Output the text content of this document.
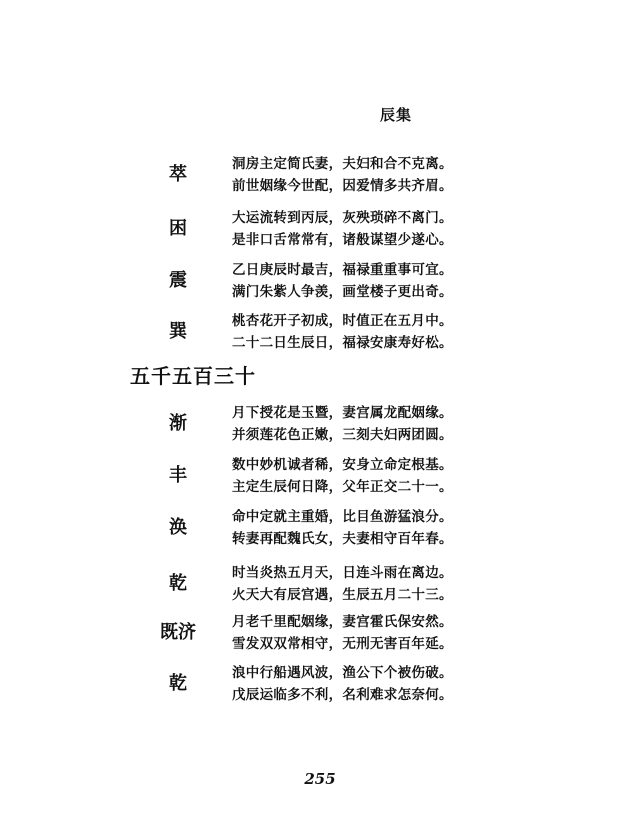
辰集
萃	洞房主定简氏妻，夫妇和合不克离。
前世姻缘今世配，因爱情多共齐眉。
困	大运流转到丙辰，灰殃琐碎不离门。
是非口舌常常有，诸般谋望少遂心。
震	乙日庚辰时最吉，福禄重重事可宜。
满门朱紫人争羡，画堂楼子更出奇。
巽	桃杏花开子初成，时值正在五月中。
二十二日生辰日，福禄安康寿好松。
五千五百三十
渐	月下授花是玉暨，妻宫属龙配姻缘。
并须莲花色正嫩，三刻夫妇两团圆。
丰	数中妙机诚者稀，安身立命定根基。
主定生辰何日降，父年正交二十一。
涣	命中定就主重婚，比目鱼游猛浪分。
转妻再配魏氏女，夫妻相守百年春。
乾	时当炎热五月天，日连斗雨在离边。
火天大有辰宫遇，生辰五月二十三。
既济	月老千里配姻缘，妻宫霍氏保安然。
雪发双双常相守，无刑无害百年延。
乾	浪中行船遇风波，渔公下个被伤破。
戊辰运临多不利，名利难求怎奈何。
255
